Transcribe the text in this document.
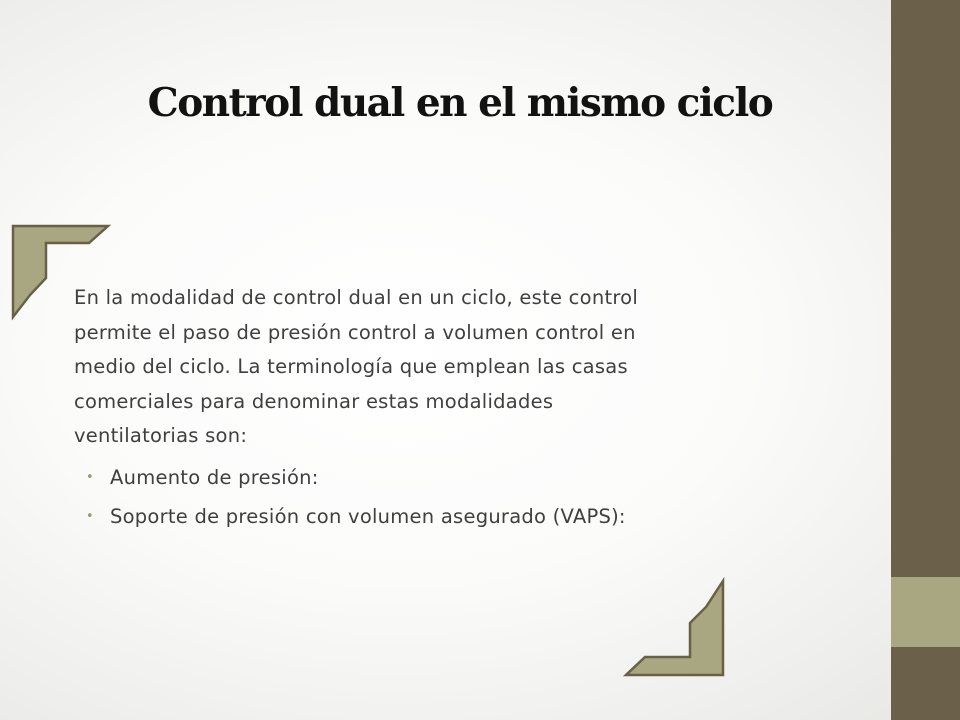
Control dual en el mismo ciclo

En la modalidad de control dual en un ciclo, este control permite el paso de presión control a volumen control en medio del ciclo. La terminología que emplean las casas comerciales para denominar estas modalidades ventilatorias son:

• Aumento de presión:
• Soporte de presión con volumen asegurado (VAPS):
